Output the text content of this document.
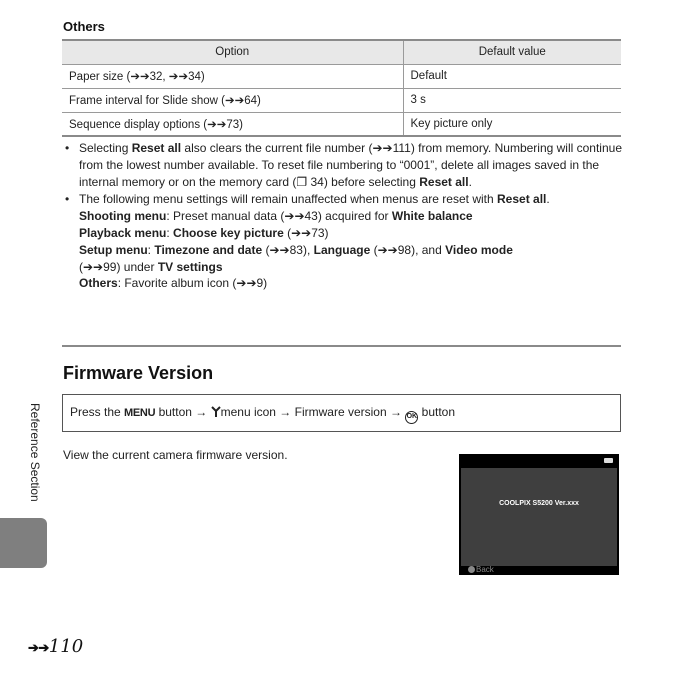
Others
Option	Default value
Paper size (➔➔32, ➔➔34)	Default
Frame interval for Slide show (➔➔64)	3 s
Sequence display options (➔➔73)	Key picture only
• Selecting Reset all also clears the current file number (➔➔111) from memory. Numbering will continue from the lowest number available. To reset file numbering to “0001”, delete all images saved in the internal memory or on the memory card (❐ 34) before selecting Reset all.
• The following menu settings will remain unaffected when menus are reset with Reset all.
Shooting menu: Preset manual data (➔➔43) acquired for White balance
Playback menu: Choose key picture (➔➔73)
Setup menu: Timezone and date (➔➔83), Language (➔➔98), and Video mode
(➔➔99) under TV settings
Others: Favorite album icon (➔➔9)
Firmware Version
Press the MENU button → menu icon → Firmware version → OK button
View the current camera firmware version.
COOLPIX S5200 Ver.xxx
Back
Reference Section
➔➔110
